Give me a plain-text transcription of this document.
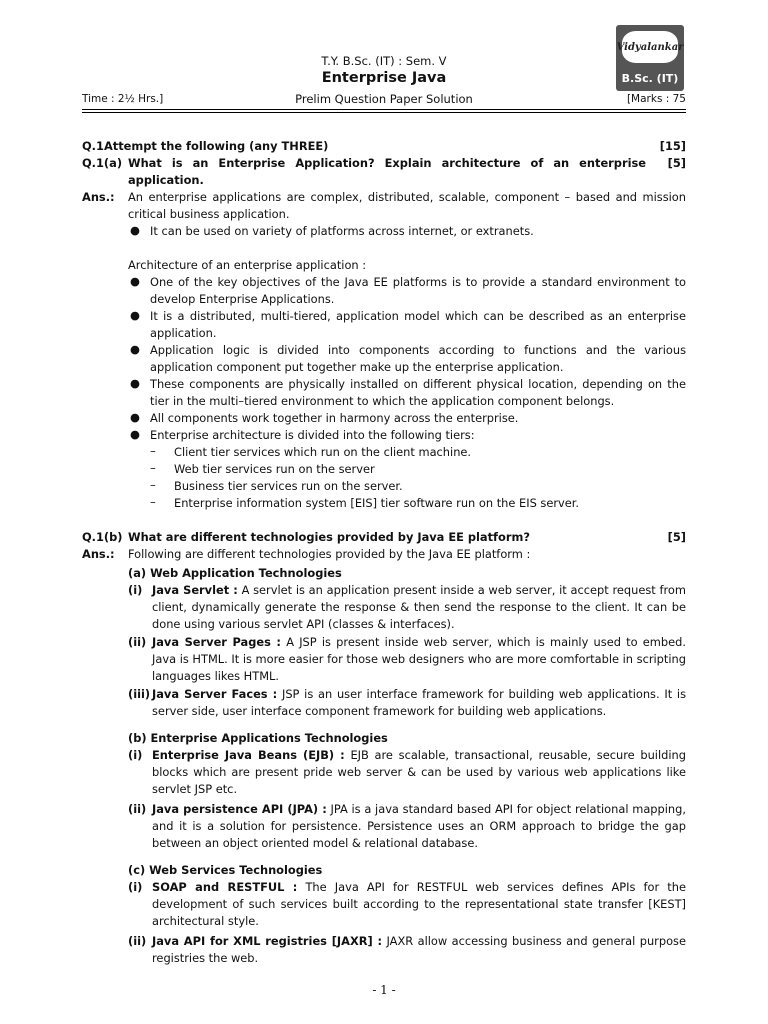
Vidyalankar
B.Sc. (IT)
T.Y. B.Sc. (IT) : Sem. V
Enterprise Java
Time : 2½ Hrs.]	Prelim Question Paper Solution	[Marks : 75
Q.1Attempt the following (any THREE)	[15]
Q.1(a) What is an Enterprise Application? Explain architecture of an enterprise application.
[5]
Ans.: An enterprise applications are complex, distributed, scalable, component – based and mission critical business application.
● It can be used on variety of platforms across internet, or extranets.
Architecture of an enterprise application :
● One of the key objectives of the Java EE platforms is to provide a standard environment to develop Enterprise Applications.
● It is a distributed, multi-tiered, application model which can be described as an enterprise application.
● Application logic is divided into components according to functions and the various application component put together make up the enterprise application.
● These components are physically installed on different physical location, depending on the tier in the multi–tiered environment to which the application component belongs.
● All components work together in harmony across the enterprise.
● Enterprise architecture is divided into the following tiers:
– Client tier services which run on the client machine.
– Web tier services run on the server
– Business tier services run on the server.
– Enterprise information system [EIS] tier software run on the EIS server.
Q.1(b) What are different technologies provided by Java EE platform?	[5]
Ans.: Following are different technologies provided by the Java EE platform :
(a) Web Application Technologies
(i) Java Servlet : A servlet is an application present inside a web server, it accept request from client, dynamically generate the response & then send the response to the client. It can be done using various servlet API (classes & interfaces).
(ii) Java Server Pages : A JSP is present inside web server, which is mainly used to embed. Java is HTML. It is more easier for those web designers who are more comfortable in scripting languages likes HTML.
(iii) Java Server Faces : JSP is an user interface framework for building web applications. It is server side, user interface component framework for building web applications.
(b) Enterprise Applications Technologies
(i) Enterprise Java Beans (EJB) : EJB are scalable, transactional, reusable, secure building blocks which are present pride web server & can be used by various web applications like servlet JSP etc.
(ii) Java persistence API (JPA) : JPA is a java standard based API for object relational mapping, and it is a solution for persistence. Persistence uses an ORM approach to bridge the gap between an object oriented model & relational database.
(c) Web Services Technologies
(i) SOAP and RESTFUL : The Java API for RESTFUL web services defines APIs for the development of such services built according to the representational state transfer [KEST] architectural style.
(ii) Java API for XML registries [JAXR] : JAXR allow accessing business and general purpose registries the web.
- 1 -
